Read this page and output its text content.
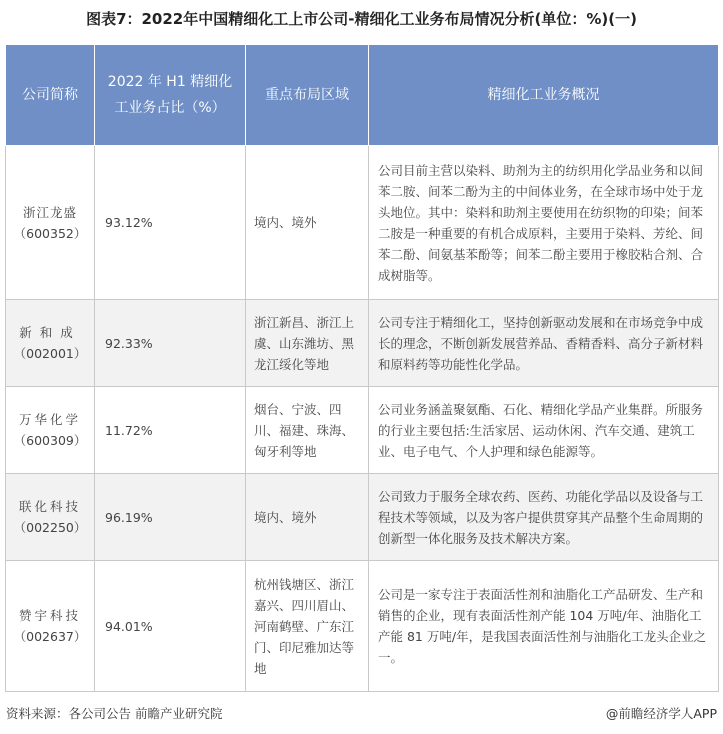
图表7：2022年中国精细化工上市公司-精细化工业务布局情况分析(单位：%)(一)
公司简称	2022 年 H1 精细化工业务占比（%）	重点布局区域	精细化工业务概况

浙江龙盛
（600352）	93.12%	境内、境外	公司目前主营以染料、助剂为主的纺织用化学品业务和以间苯二胺、间苯二酚为主的中间体业务，在全球市场中处于龙头地位。其中：染料和助剂主要使用在纺织物的印染；间苯二胺是一种重要的有机合成原料，主要用于染料、芳纶、间苯二酚、间氨基苯酚等；间苯二酚主要用于橡胶粘合剂、合成树脂等。

新和成
（002001）	92.33%	浙江新昌、浙江上虞、山东潍坊、黑龙江绥化等地	公司专注于精细化工，坚持创新驱动发展和在市场竞争中成长的理念，不断创新发展营养品、香精香料、高分子新材料和原料药等功能性化学品。

万华化学
（600309）	11.72%	烟台、宁波、四川、福建、珠海、匈牙利等地	公司业务涵盖聚氨酯、石化、精细化学品产业集群。所服务的行业主要包括:生活家居、运动休闲、汽车交通、建筑工业、电子电气、个人护理和绿色能源等。

联化科技
（002250）	96.19%	境内、境外	公司致力于服务全球农药、医药、功能化学品以及设备与工程技术等领域，以及为客户提供贯穿其产品整个生命周期的创新型一体化服务及技术解决方案。

赞宇科技
（002637）	94.01%	杭州钱塘区、浙江嘉兴、四川眉山、河南鹤壁、广东江门、印尼雅加达等地	公司是一家专注于表面活性剂和油脂化工产品研发、生产和销售的企业，现有表面活性剂产能 104 万吨/年、油脂化工产能 81 万吨/年，是我国表面活性剂与油脂化工龙头企业之一。
资料来源：各公司公告 前瞻产业研究院	@前瞻经济学人APP
